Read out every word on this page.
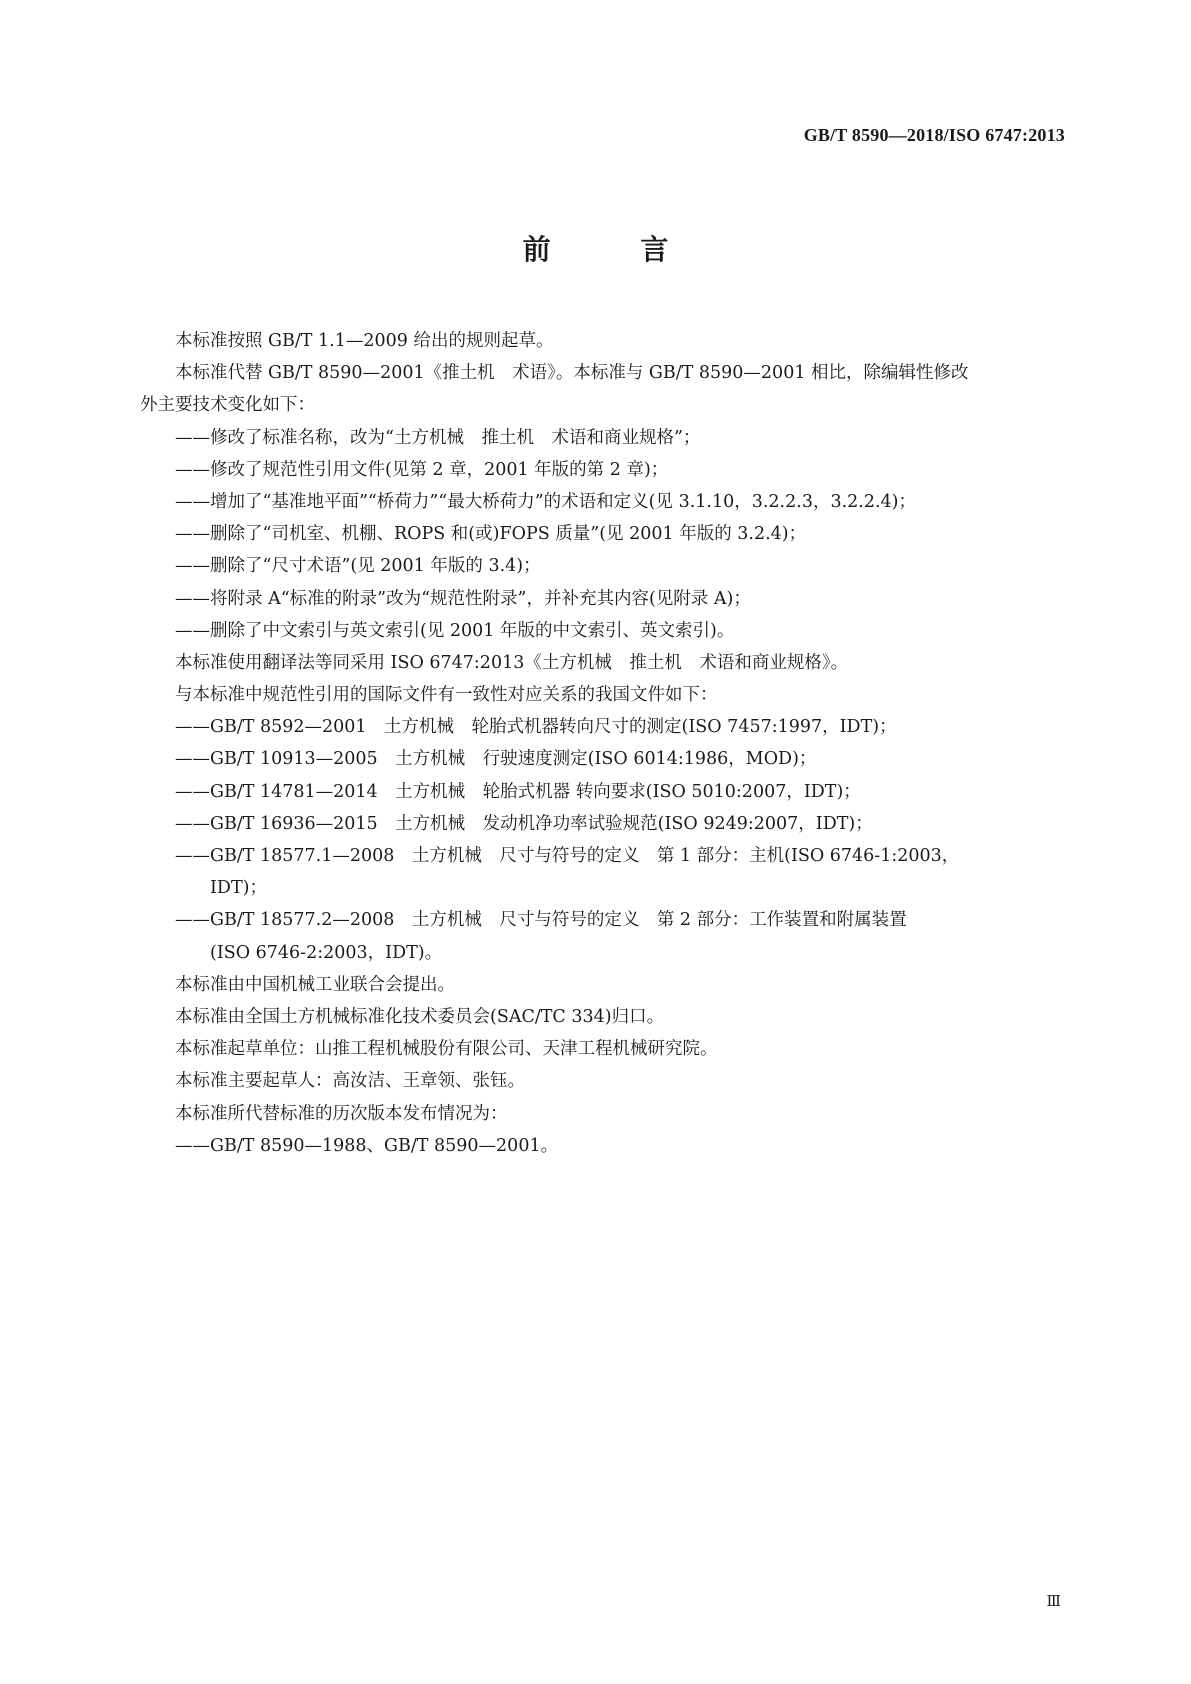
GB/T 8590—2018/ISO 6747:2013
前 言
本标准按照 GB/T 1.1—2009 给出的规则起草。
本标准代替 GB/T 8590—2001《推土机　术语》。本标准与 GB/T 8590—2001 相比，除编辑性修改
外主要技术变化如下：
——修改了标准名称，改为“土方机械　推土机　术语和商业规格”；
——修改了规范性引用文件(见第 2 章，2001 年版的第 2 章)；
——增加了“基准地平面”“桥荷力”“最大桥荷力”的术语和定义(见 3.1.10，3.2.2.3，3.2.2.4)；
——删除了“司机室、机棚、ROPS 和(或)FOPS 质量”(见 2001 年版的 3.2.4)；
——删除了“尺寸术语”(见 2001 年版的 3.4)；
——将附录 A“标准的附录”改为“规范性附录”，并补充其内容(见附录 A)；
——删除了中文索引与英文索引(见 2001 年版的中文索引、英文索引)。
本标准使用翻译法等同采用 ISO 6747:2013《土方机械　推土机　术语和商业规格》。
与本标准中规范性引用的国际文件有一致性对应关系的我国文件如下：
——GB/T 8592—2001　土方机械　轮胎式机器转向尺寸的测定(ISO 7457:1997，IDT)；
——GB/T 10913—2005　土方机械　行驶速度测定(ISO 6014:1986，MOD)；
——GB/T 14781—2014　土方机械　轮胎式机器 转向要求(ISO 5010:2007，IDT)；
——GB/T 16936—2015　土方机械　发动机净功率试验规范(ISO 9249:2007，IDT)；
——GB/T 18577.1—2008　土方机械　尺寸与符号的定义　第 1 部分：主机(ISO 6746-1:2003，
IDT)；
——GB/T 18577.2—2008　土方机械　尺寸与符号的定义　第 2 部分：工作装置和附属装置
(ISO 6746-2:2003，IDT)。
本标准由中国机械工业联合会提出。
本标准由全国土方机械标准化技术委员会(SAC/TC 334)归口。
本标准起草单位：山推工程机械股份有限公司、天津工程机械研究院。
本标准主要起草人：高汝洁、王章领、张钰。
本标准所代替标准的历次版本发布情况为：
——GB/T 8590—1988、GB/T 8590—2001。
Ⅲ
